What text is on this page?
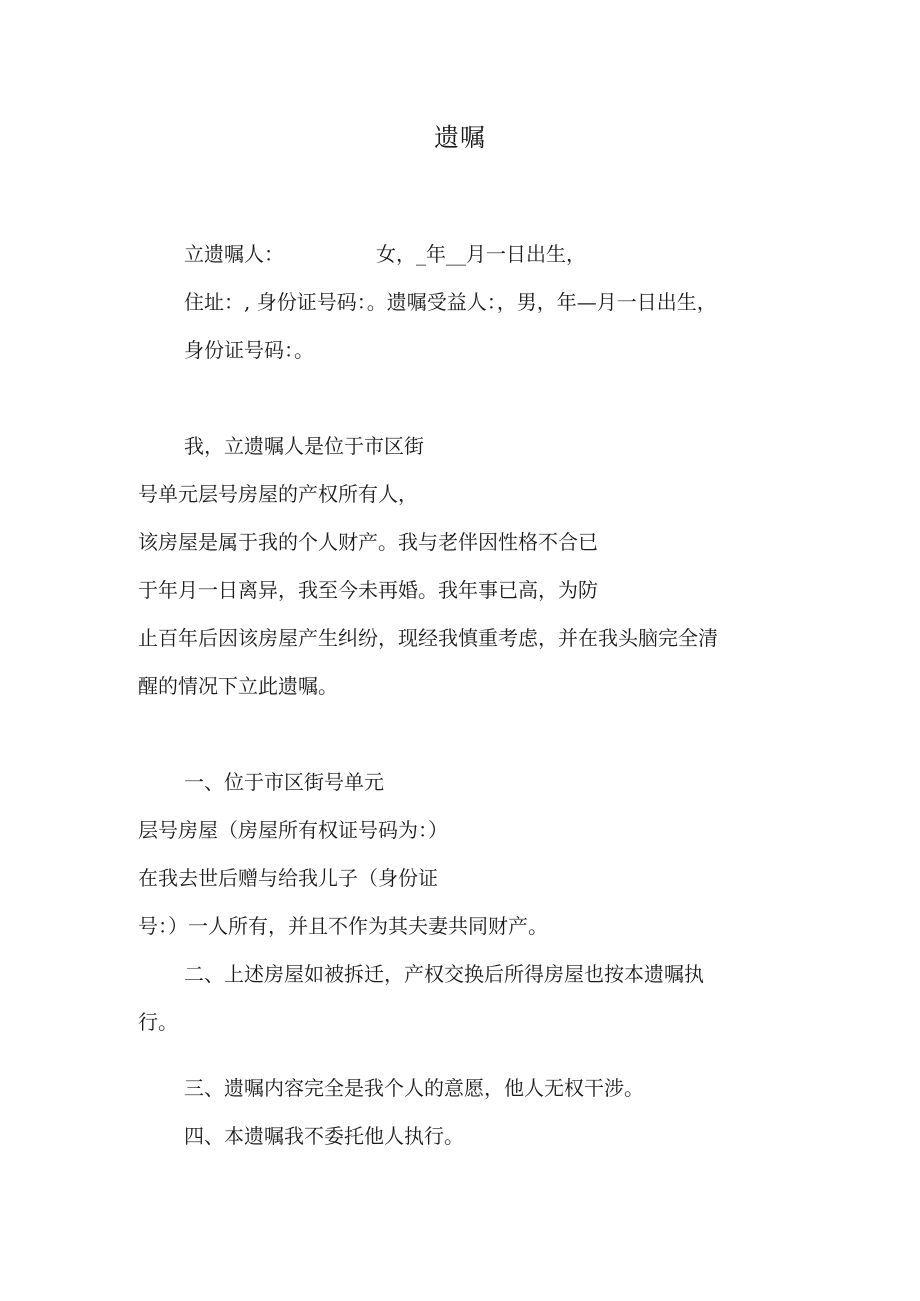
遗嘱
立遗嘱人：	女，_年__月一日出生，
住址：, 身份证号码：。遗嘱受益人：，男，年—月一日出生，
身份证号码：。
我，立遗嘱人是位于市区街
号单元层号房屋的产权所有人，
该房屋是属于我的个人财产。我与老伴因性格不合已
于年月一日离异，我至今未再婚。我年事已高，为防
止百年后因该房屋产生纠纷，现经我慎重考虑，并在我头脑完全清
醒的情况下立此遗嘱。
一、位于市区街号单元
层号房屋（房屋所有权证号码为：）
在我去世后赠与给我儿子（身份证
号：）一人所有，并且不作为其夫妻共同财产。
二、上述房屋如被拆迁，产权交换后所得房屋也按本遗嘱执
行。
三、遗嘱内容完全是我个人的意愿，他人无权干涉。
四、本遗嘱我不委托他人执行。
